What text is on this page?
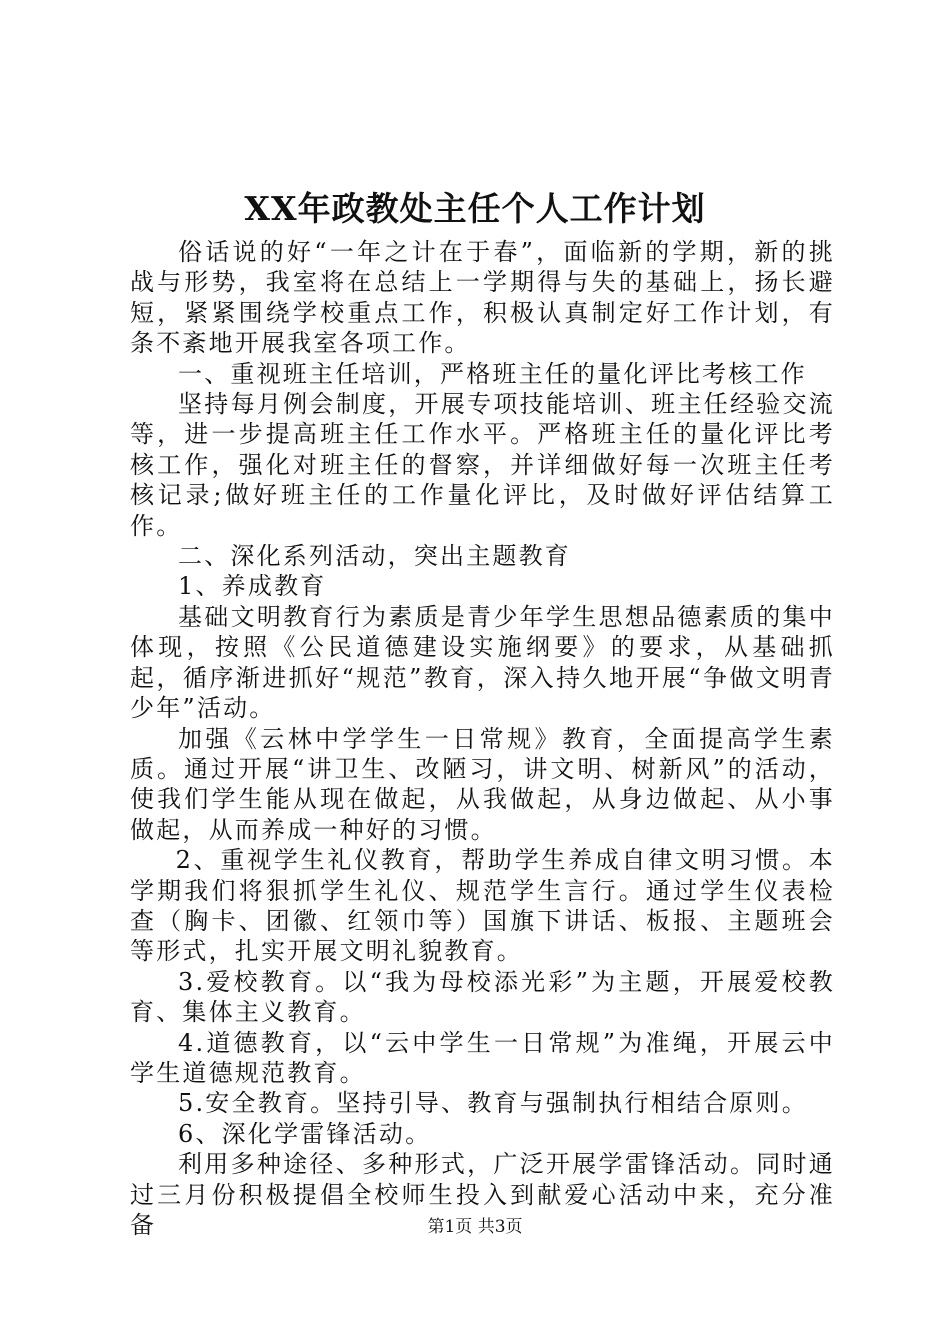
XX年政教处主任个人工作计划

俗话说的好“一年之计在于春”，面临新的学期，新的挑战与形势，我室将在总结上一学期得与失的基础上，扬长避短，紧紧围绕学校重点工作，积极认真制定好工作计划，有条不紊地开展我室各项工作。

一、重视班主任培训，严格班主任的量化评比考核工作

坚持每月例会制度，开展专项技能培训、班主任经验交流等，进一步提高班主任工作水平。严格班主任的量化评比考核工作，强化对班主任的督察，并详细做好每一次班主任考核记录;做好班主任的工作量化评比，及时做好评估结算工作。

二、深化系列活动，突出主题教育

1、养成教育

基础文明教育行为素质是青少年学生思想品德素质的集中体现，按照《公民道德建设实施纲要》的要求，从基础抓起，循序渐进抓好“规范”教育，深入持久地开展“争做文明青少年”活动。

加强《云林中学学生一日常规》教育，全面提高学生素质。通过开展“讲卫生、改陋习，讲文明、树新风”的活动，使我们学生能从现在做起，从我做起，从身边做起、从小事做起，从而养成一种好的习惯。

2、重视学生礼仪教育，帮助学生养成自律文明习惯。本学期我们将狠抓学生礼仪、规范学生言行。通过学生仪表检查（胸卡、团徽、红领巾等）国旗下讲话、板报、主题班会等形式，扎实开展文明礼貌教育。

3.爱校教育。以“我为母校添光彩”为主题，开展爱校教育、集体主义教育。

4.道德教育，以“云中学生一日常规”为准绳，开展云中学生道德规范教育。

5.安全教育。坚持引导、教育与强制执行相结合原则。

6、深化学雷锋活动。

利用多种途径、多种形式，广泛开展学雷锋活动。同时通过三月份积极提倡全校师生投入到献爱心活动中来，充分准备	第1页 共3页
